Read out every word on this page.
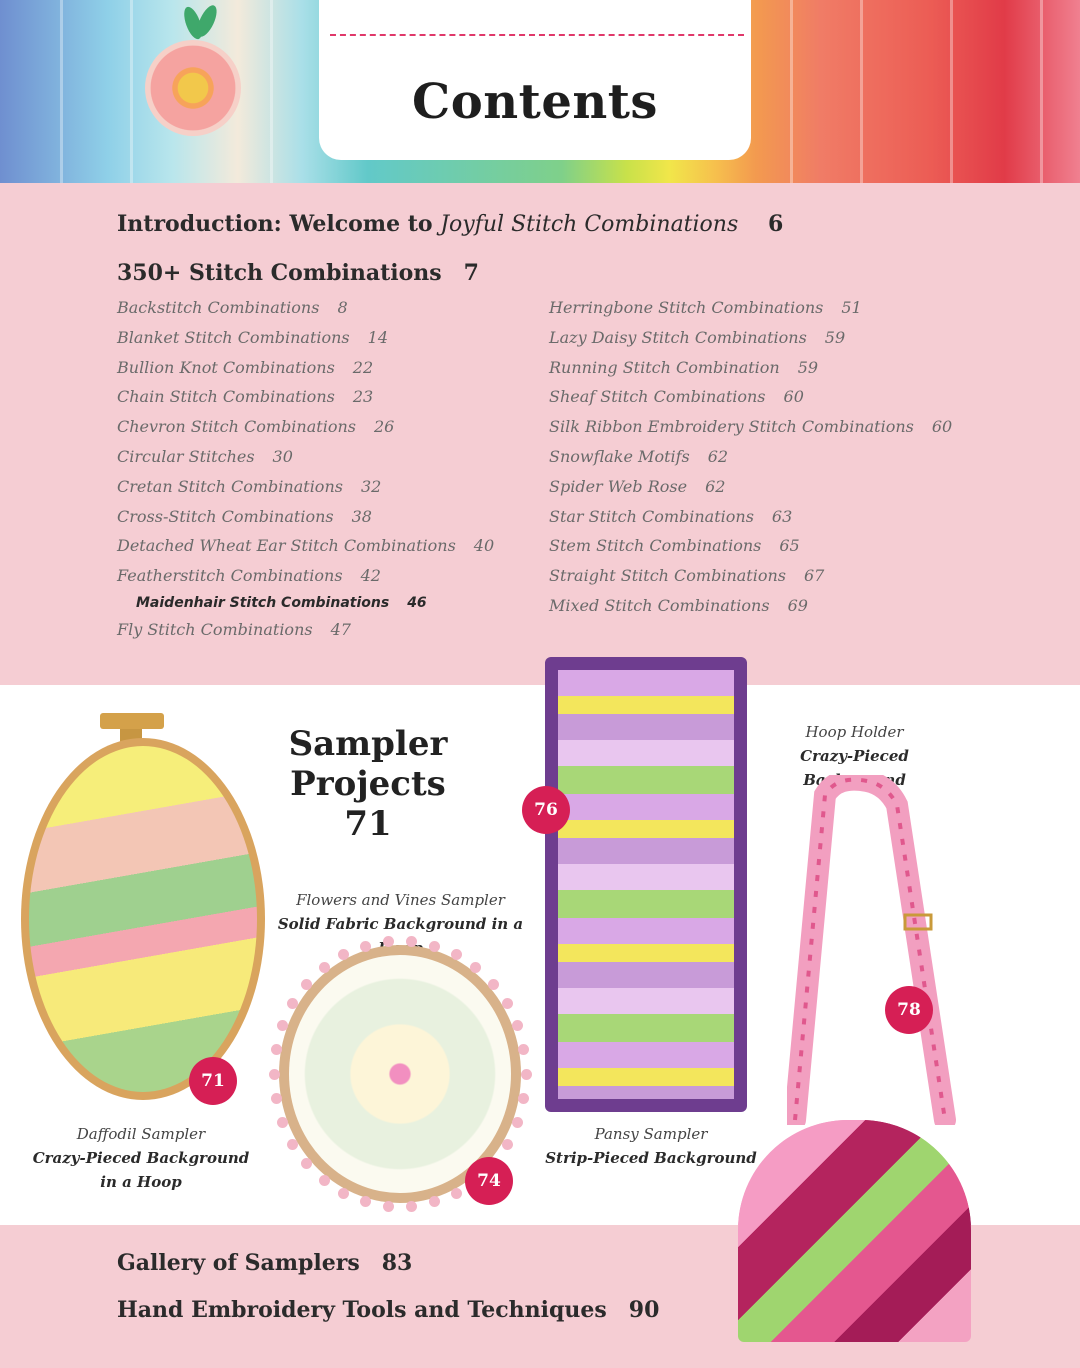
Contents
Introduction: Welcome to Joyful Stitch Combinations 6
350+ Stitch Combinations 7
Backstitch Combinations 8
Blanket Stitch Combinations 14
Bullion Knot Combinations 22
Chain Stitch Combinations 23
Chevron Stitch Combinations 26
Circular Stitches 30
Cretan Stitch Combinations 32
Cross-Stitch Combinations 38
Detached Wheat Ear Stitch Combinations 40
Featherstitch Combinations 42
Maidenhair Stitch Combinations 46
Fly Stitch Combinations 47
Herringbone Stitch Combinations 51
Lazy Daisy Stitch Combinations 59
Running Stitch Combination 59
Sheaf Stitch Combinations 60
Silk Ribbon Embroidery Stitch Combinations 60
Snowflake Motifs 62
Spider Web Rose 62
Star Stitch Combinations 63
Stem Stitch Combinations 65
Straight Stitch Combinations 67
Mixed Stitch Combinations 69
Sampler Projects
71
71
Daffodil Sampler
Crazy-Pieced Background
in a Hoop
Flowers and Vines Sampler
Solid Fabric Background in a
74
76
Pansy Sampler
Strip-Pieced Background
Hoop Holder
Crazy-Pieced Background
Gallery of Samplers 83
Hand Embroidery Tools and Techniques 90
78
